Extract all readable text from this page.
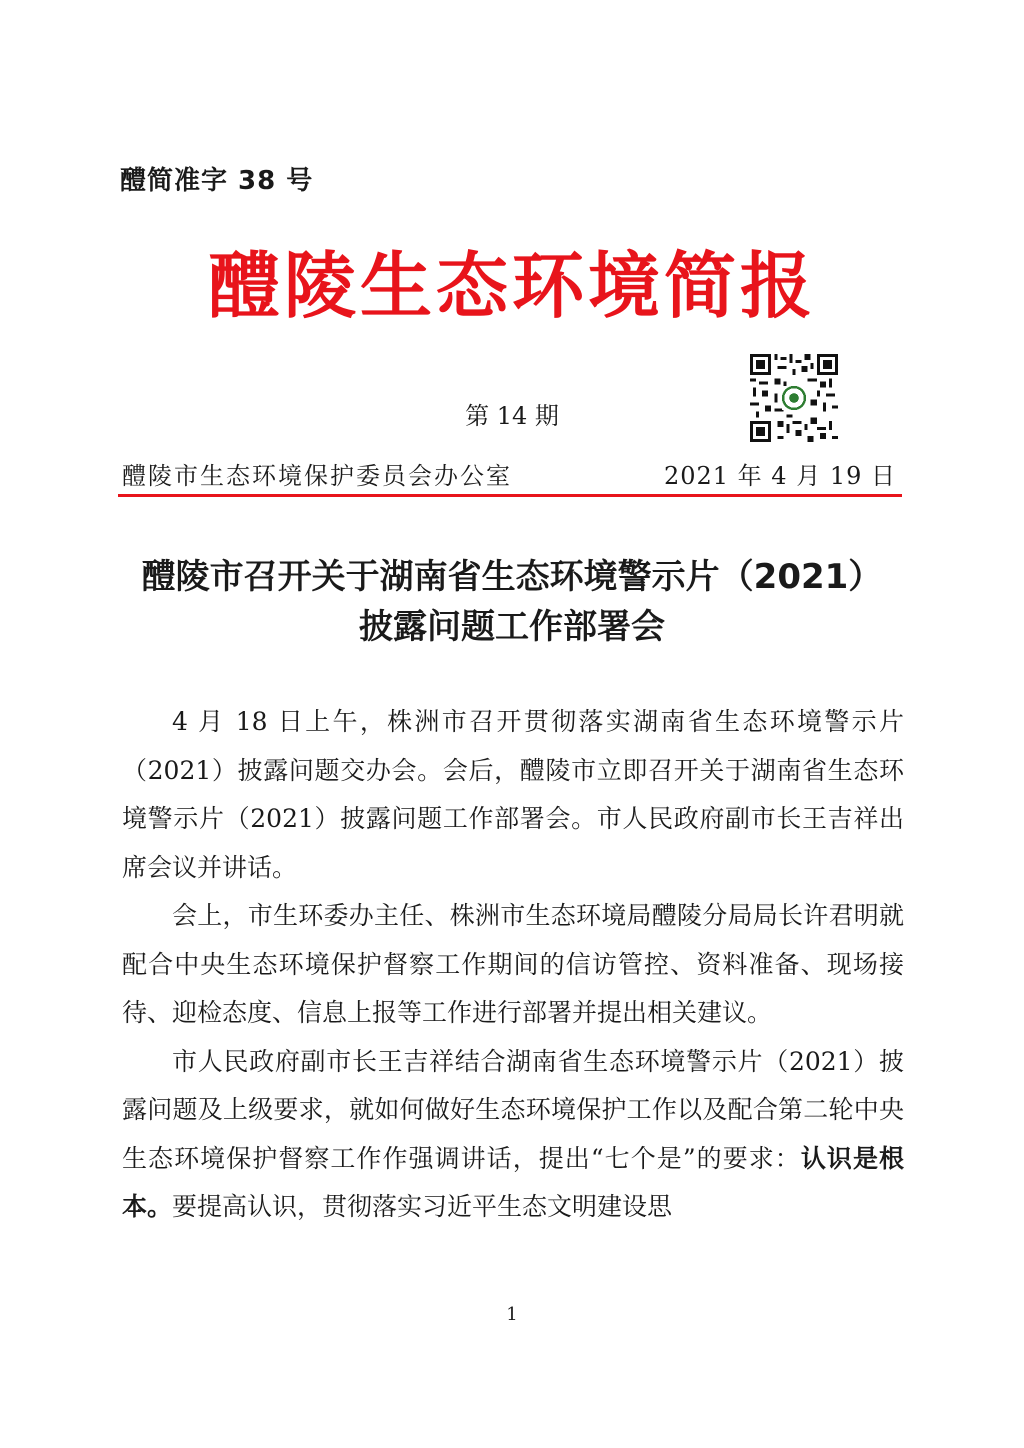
醴简准字 38 号
醴陵生态环境简报
第 14 期
醴陵市生态环境保护委员会办公室	2021 年 4 月 19 日
醴陵市召开关于湖南省生态环境警示片（2021）
披露问题工作部署会

4 月 18 日上午，株洲市召开贯彻落实湖南省生态环境警示片（2021）披露问题交办会。会后，醴陵市立即召开关于湖南省生态环境警示片（2021）披露问题工作部署会。市人民政府副市长王吉祥出席会议并讲话。

会上，市生环委办主任、株洲市生态环境局醴陵分局局长许君明就配合中央生态环境保护督察工作期间的信访管控、资料准备、现场接待、迎检态度、信息上报等工作进行部署并提出相关建议。

市人民政府副市长王吉祥结合湖南省生态环境警示片（2021）披露问题及上级要求，就如何做好生态环境保护工作以及配合第二轮中央生态环境保护督察工作作强调讲话，提出“七个是”的要求：认识是根本。要提高认识，贯彻落实习近平生态文明建设思

1
